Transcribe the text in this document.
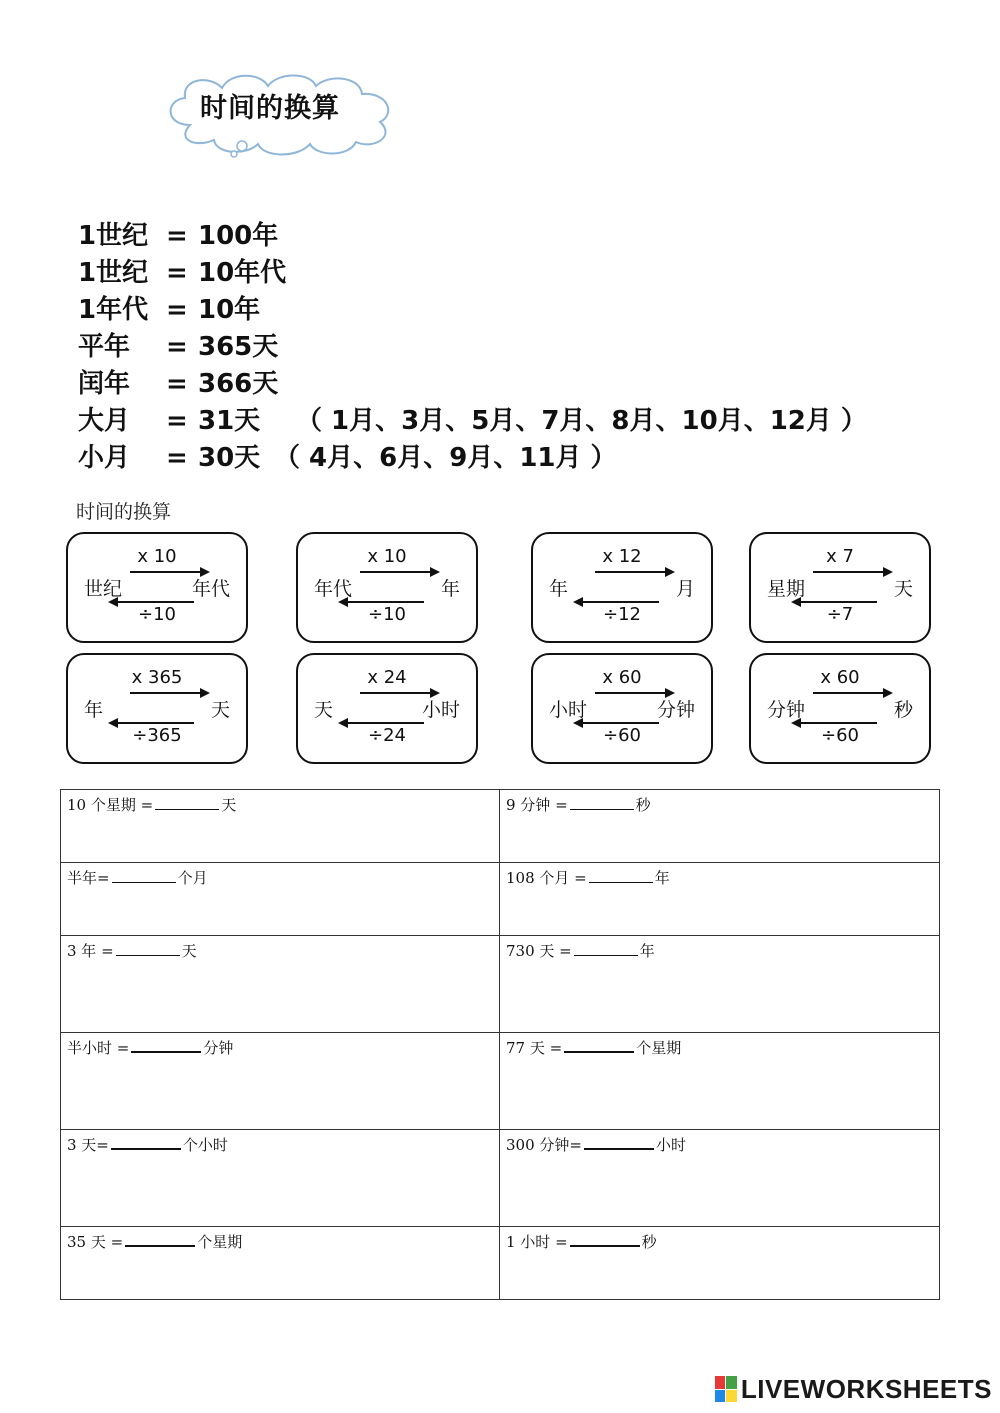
时间的换算
1世纪 = 100年
1世纪 = 10年代
1年代 = 10年
平年 = 365天
闰年 = 366天
大月 = 31天 （ 1月、3月、5月、7月、8月、10月、12月 ）
小月 = 30天 （ 4月、6月、9月、11月 ）
时间的换算
x 10
世纪	年代
÷10
x 10
年代	年
÷10
x 12
年	月
÷12
x 7
星期	天
÷7
x 365
年	天
÷365
x 24
天	小时
÷24
x 60
小时	分钟
÷60
x 60
分钟	秒
÷60
10 个星期 = 天	9 分钟 = 秒
半年= 个月	108 个月 = 年
3 年 = 天	730 天 = 年
半小时 = 分钟	77 天 = 个星期
3 天= 个小时	300 分钟= 小时
35 天 = 个星期	1 小时 = 秒
LIVEWORKSHEETS
